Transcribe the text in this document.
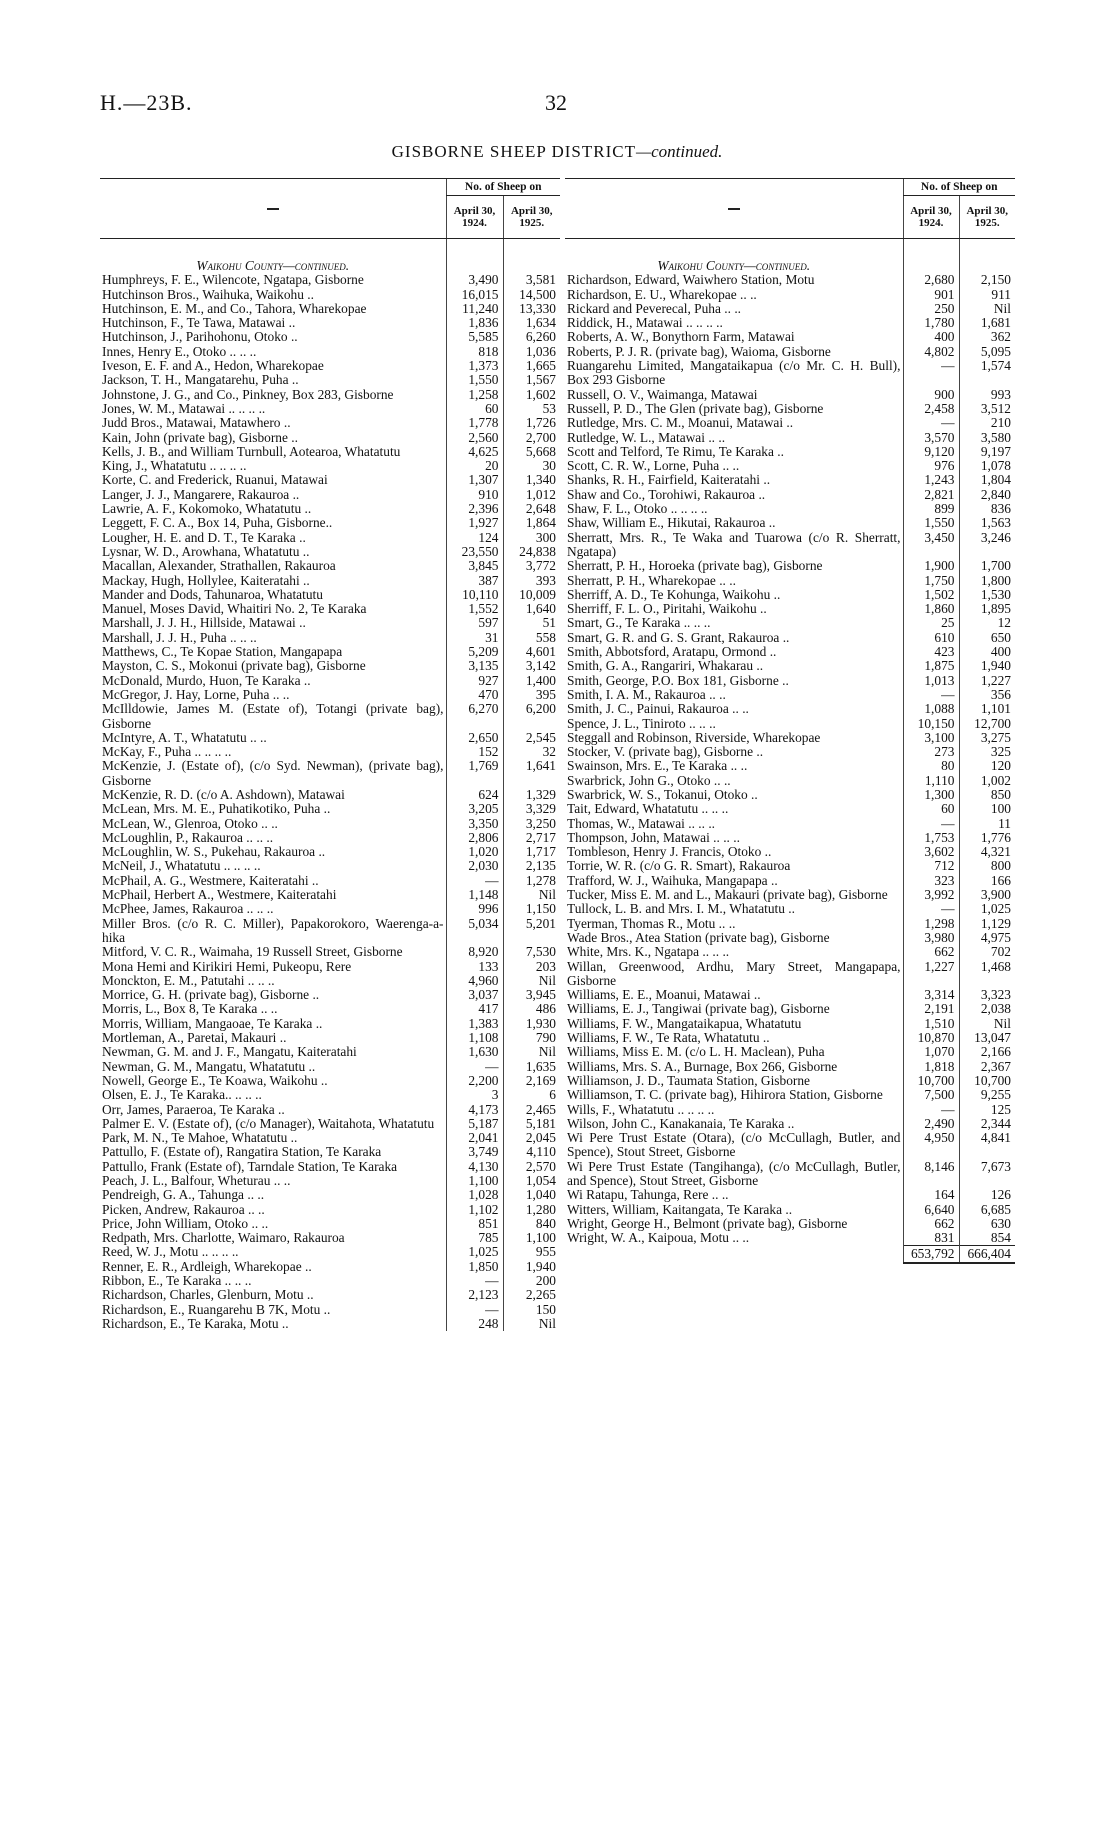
H.—23B.	32
GISBORNE SHEEP DISTRICT—continued.
	No. of Sheep on	
	April 30, 1924.	April 30, 1925.
Waikohu County—continued.		
Humphreys, F. E., Wilencote, Ngatapa, Gisborne	3,490	3,581
Hutchinson Bros., Waihuka, Waikohu ..	16,015	14,500
Hutchinson, E. M., and Co., Tahora, Wharekopae	11,240	13,330
Hutchinson, F., Te Tawa, Matawai ..	1,836	1,634
Hutchinson, J., Parihohonu, Otoko ..	5,585	6,260
Innes, Henry E., Otoko .. .. ..	818	1,036
Iveson, E. F. and A., Hedon, Wharekopae	1,373	1,665
Jackson, T. H., Mangatarehu, Puha ..	1,550	1,567
Johnstone, J. G., and Co., Pinkney, Box 283, Gisborne	1,258	1,602
Jones, W. M., Matawai .. .. .. ..	60	53
Judd Bros., Matawai, Matawhero ..	1,778	1,726
Kain, John (private bag), Gisborne ..	2,560	2,700
Kells, J. B., and William Turnbull, Aotearoa, Whatatutu	4,625	5,668
King, J., Whatatutu .. .. .. ..	20	30
Korte, C. and Frederick, Ruanui, Matawai	1,307	1,340
Langer, J. J., Mangarere, Rakauroa ..	910	1,012
Lawrie, A. F., Kokomoko, Whatatutu ..	2,396	2,648
Leggett, F. C. A., Box 14, Puha, Gisborne..	1,927	1,864
Lougher, H. E. and D. T., Te Karaka ..	124	300
Lysnar, W. D., Arowhana, Whatatutu ..	23,550	24,838
Macallan, Alexander, Strathallen, Rakauroa	3,845	3,772
Mackay, Hugh, Hollylee, Kaiteratahi ..	387	393
Mander and Dods, Tahunaroa, Whatatutu	10,110	10,009
Manuel, Moses David, Whaitiri No. 2, Te Karaka	1,552	1,640
Marshall, J. J. H., Hillside, Matawai ..	597	51
Marshall, J. J. H., Puha .. .. ..	31	558
Matthews, C., Te Kopae Station, Mangapapa	5,209	4,601
Mayston, C. S., Mokonui (private bag), Gisborne	3,135	3,142
McDonald, Murdo, Huon, Te Karaka ..	927	1,400
McGregor, J. Hay, Lorne, Puha .. ..	470	395
McIlldowie, James M. (Estate of), Totangi (private bag), Gisborne	6,270	6,200
McIntyre, A. T., Whatatutu .. ..	2,650	2,545
McKay, F., Puha .. .. .. ..	152	32
McKenzie, J. (Estate of), (c/o Syd. Newman), (private bag), Gisborne	1,769	1,641
McKenzie, R. D. (c/o A. Ashdown), Matawai	624	1,329
McLean, Mrs. M. E., Puhatikotiko, Puha ..	3,205	3,329
McLean, W., Glenroa, Otoko .. ..	3,350	3,250
McLoughlin, P., Rakauroa .. .. ..	2,806	2,717
McLoughlin, W. S., Pukehau, Rakauroa ..	1,020	1,717
McNeil, J., Whatatutu .. .. .. ..	2,030	2,135
McPhail, A. G., Westmere, Kaiteratahi ..	—	1,278
McPhail, Herbert A., Westmere, Kaiteratahi	1,148	Nil
McPhee, James, Rakauroa .. .. ..	996	1,150
Miller Bros. (c/o R. C. Miller), Papakorokoro, Waerenga-a-hika	5,034	5,201
Mitford, V. C. R., Waimaha, 19 Russell Street, Gisborne	8,920	7,530
Mona Hemi and Kirikiri Hemi, Pukeopu, Rere	133	203
Monckton, E. M., Patutahi .. .. ..	4,960	Nil
Morrice, G. H. (private bag), Gisborne ..	3,037	3,945
Morris, L., Box 8, Te Karaka .. ..	417	486
Morris, William, Mangaoae, Te Karaka ..	1,383	1,930
Mortleman, A., Paretai, Makauri ..	1,108	790
Newman, G. M. and J. F., Mangatu, Kaiteratahi	1,630	Nil
Newman, G. M., Mangatu, Whatatutu ..	—	1,635
Nowell, George E., Te Koawa, Waikohu ..	2,200	2,169
Olsen, E. J., Te Karaka.. .. .. ..	3	6
Orr, James, Paraeroa, Te Karaka ..	4,173	2,465
Palmer E. V. (Estate of), (c/o Manager), Waitahota, Whatatutu	5,187	5,181
Park, M. N., Te Mahoe, Whatatutu ..	2,041	2,045
Pattullo, F. (Estate of), Rangatira Station, Te Karaka	3,749	4,110
Pattullo, Frank (Estate of), Tarndale Station, Te Karaka	4,130	2,570
Peach, J. L., Balfour, Wheturau .. ..	1,100	1,054
Pendreigh, G. A., Tahunga .. ..	1,028	1,040
Picken, Andrew, Rakauroa .. ..	1,102	1,280
Price, John William, Otoko .. ..	851	840
Redpath, Mrs. Charlotte, Waimaro, Rakauroa	785	1,100
Reed, W. J., Motu .. .. .. ..	1,025	955
Renner, E. R., Ardleigh, Wharekopae ..	1,850	1,940
Ribbon, E., Te Karaka .. .. ..	—	200
Richardson, Charles, Glenburn, Motu ..	2,123	2,265
Richardson, E., Ruangarehu B 7K, Motu ..	—	150
Richardson, E., Te Karaka, Motu ..	248	Nil
	No. of Sheep on	
	April 30, 1924.	April 30, 1925.
Waikohu County—continued.		
Richardson, Edward, Waiwhero Station, Motu	2,680	2,150
Richardson, E. U., Wharekopae .. ..	901	911
Rickard and Peverecal, Puha .. ..	250	Nil
Riddick, H., Matawai .. .. .. ..	1,780	1,681
Roberts, A. W., Bonythorn Farm, Matawai	400	362
Roberts, P. J. R. (private bag), Waioma, Gisborne	4,802	5,095
Ruangarehu Limited, Mangataikapua (c/o Mr. C. H. Bull), Box 293 Gisborne	—	1,574
Russell, O. V., Waimanga, Matawai	900	993
Russell, P. D., The Glen (private bag), Gisborne	2,458	3,512
Rutledge, Mrs. C. M., Moanui, Matawai ..	—	210
Rutledge, W. L., Matawai .. ..	3,570	3,580
Scott and Telford, Te Rimu, Te Karaka ..	9,120	9,197
Scott, C. R. W., Lorne, Puha .. ..	976	1,078
Shanks, R. H., Fairfield, Kaiteratahi ..	1,243	1,804
Shaw and Co., Torohiwi, Rakauroa ..	2,821	2,840
Shaw, F. L., Otoko .. .. .. ..	899	836
Shaw, William E., Hikutai, Rakauroa ..	1,550	1,563
Sherratt, Mrs. R., Te Waka and Tuarowa (c/o R. Sherratt, Ngatapa)	3,450	3,246
Sherratt, P. H., Horoeka (private bag), Gisborne	1,900	1,700
Sherratt, P. H., Wharekopae .. ..	1,750	1,800
Sherriff, A. D., Te Kohunga, Waikohu ..	1,502	1,530
Sherriff, F. L. O., Piritahi, Waikohu ..	1,860	1,895
Smart, G., Te Karaka .. .. ..	25	12
Smart, G. R. and G. S. Grant, Rakauroa ..	610	650
Smith, Abbotsford, Aratapu, Ormond ..	423	400
Smith, G. A., Rangariri, Whakarau ..	1,875	1,940
Smith, George, P.O. Box 181, Gisborne ..	1,013	1,227
Smith, I. A. M., Rakauroa .. ..	—	356
Smith, J. C., Painui, Rakauroa .. ..	1,088	1,101
Spence, J. L., Tiniroto .. .. ..	10,150	12,700
Steggall and Robinson, Riverside, Wharekopae	3,100	3,275
Stocker, V. (private bag), Gisborne ..	273	325
Swainson, Mrs. E., Te Karaka .. ..	80	120
Swarbrick, John G., Otoko .. ..	1,110	1,002
Swarbrick, W. S., Tokanui, Otoko ..	1,300	850
Tait, Edward, Whatatutu .. .. ..	60	100
Thomas, W., Matawai .. .. ..	—	11
Thompson, John, Matawai .. .. ..	1,753	1,776
Tombleson, Henry J. Francis, Otoko ..	3,602	4,321
Torrie, W. R. (c/o G. R. Smart), Rakauroa	712	800
Trafford, W. J., Waihuka, Mangapapa ..	323	166
Tucker, Miss E. M. and L., Makauri (private bag), Gisborne	3,992	3,900
Tullock, L. B. and Mrs. I. M., Whatatutu ..	—	1,025
Tyerman, Thomas R., Motu .. ..	1,298	1,129
Wade Bros., Atea Station (private bag), Gisborne	3,980	4,975
White, Mrs. K., Ngatapa .. .. ..	662	702
Willan, Greenwood, Ardhu, Mary Street, Mangapapa, Gisborne	1,227	1,468
Williams, E. E., Moanui, Matawai ..	3,314	3,323
Williams, E. J., Tangiwai (private bag), Gisborne	2,191	2,038
Williams, F. W., Mangataikapua, Whatatutu	1,510	Nil
Williams, F. W., Te Rata, Whatatutu ..	10,870	13,047
Williams, Miss E. M. (c/o L. H. Maclean), Puha	1,070	2,166
Williams, Mrs. S. A., Burnage, Box 266, Gisborne	1,818	2,367
Williamson, J. D., Taumata Station, Gisborne	10,700	10,700
Williamson, T. C. (private bag), Hihirora Station, Gisborne	7,500	9,255
Wills, F., Whatatutu .. .. .. ..	—	125
Wilson, John C., Kanakanaia, Te Karaka ..	2,490	2,344
Wi Pere Trust Estate (Otara), (c/o McCullagh, Butler, and Spence), Stout Street, Gisborne	4,950	4,841
Wi Pere Trust Estate (Tangihanga), (c/o McCullagh, Butler, and Spence), Stout Street, Gisborne	8,146	7,673
Wi Ratapu, Tahunga, Rere .. ..	164	126
Witters, William, Kaitangata, Te Karaka ..	6,640	6,685
Wright, George H., Belmont (private bag), Gisborne	662	630
Wright, W. A., Kaipoua, Motu .. ..	831	854
	653,792	666,404
